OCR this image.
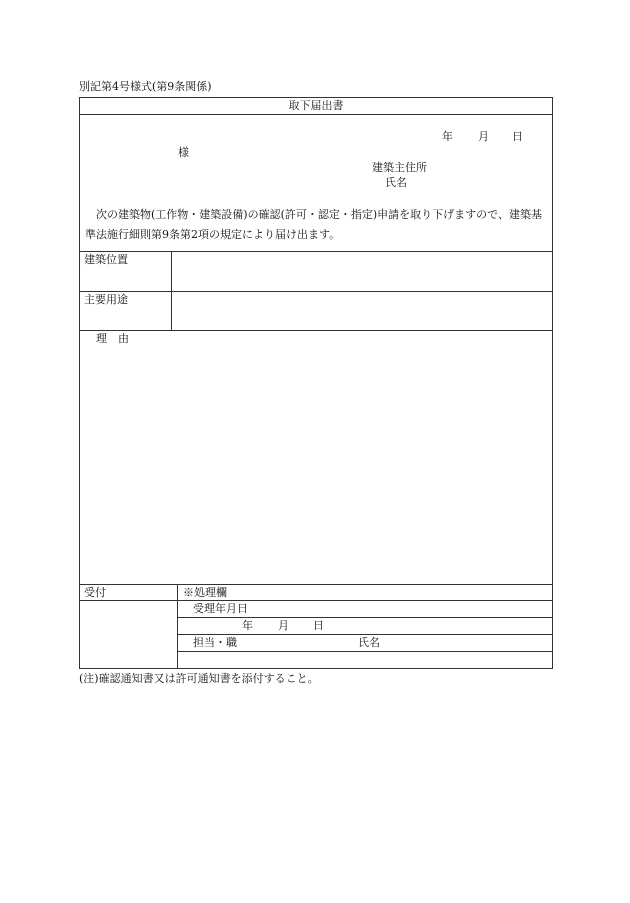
別記第4号様式(第9条関係)
取下届出書
年 月 日
様
建築主住所
氏名
次の建築物(工作物・建築設備)の確認(許可・認定・指定)申請を取り下げますので、建築基準法施行細則第9条第2項の規定により届け出ます。
建築位置
主要用途
理　由
受付	※処理欄
受理年月日
年 月 日
担当・職	氏名
(注)確認通知書又は許可通知書を添付すること。
